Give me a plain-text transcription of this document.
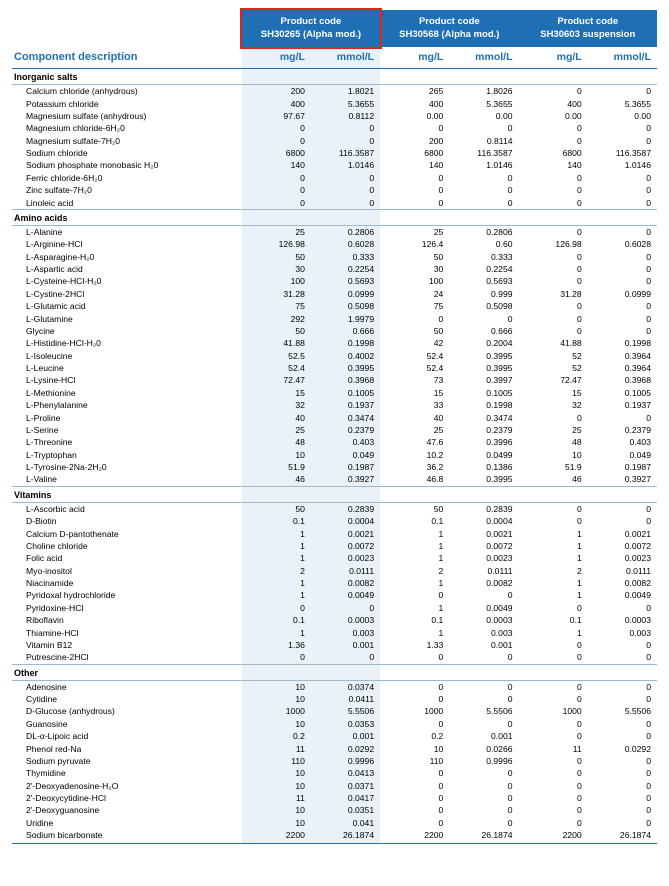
	Product code
SH30265 (Alpha mod.)		Product code
SH30568 (Alpha mod.)		Product code
SH30603 suspension	

Component description	mg/L	mmol/L	mg/L	mmol/L	mg/L	mmol/L
Inorganic salts						
Calcium chloride (anhydrous)	200	1.8021	265	1.8026	0	0
Potassium chloride	400	5.3655	400	5.3655	400	5.3655
Magnesium sulfate (anhydrous)	97.67	0.8112	0.00	0.00	0.00	0.00
Magnesium chloride-6H₂0	0	0	0	0	0	0
Magnesium sulfate-7H₂0	0	0	200	0.8114	0	0
Sodium chloride	6800	116.3587	6800	116.3587	6800	116.3587
Sodium phosphate monobasic H₂0	140	1.0146	140	1.0146	140	1.0146
Ferric chloride-6H₂0	0	0	0	0	0	0
Zinc sulfate-7H₂0	0	0	0	0	0	0
Linoleic acid	0	0	0	0	0	0
Amino acids						
L-Alanine	25	0.2806	25	0.2806	0	0
L-Arginine-HCl	126.98	0.6028	126.4	0.60	126.98	0.6028
L-Asparagine-H₂0	50	0.333	50	0.333	0	0
L-Aspartic acid	30	0.2254	30	0.2254	0	0
L-Cysteine-HCl-H₂0	100	0.5693	100	0.5693	0	0
L-Cystine-2HCl	31.28	0.0999	24	0.999	31.28	0.0999
L-Glutamic acid	75	0.5098	75	0.5098	0	0
L-Glutamine	292	1.9979	0	0	0	0
Glycine	50	0.666	50	0.666	0	0
L-Histidine-HCl-H₂0	41.88	0.1998	42	0.2004	41.88	0.1998
L-Isoleucine	52.5	0.4002	52.4	0.3995	52	0.3964
L-Leucine	52.4	0.3995	52.4	0.3995	52	0.3964
L-Lysine-HCl	72.47	0.3968	73	0.3997	72.47	0.3968
L-Methionine	15	0.1005	15	0.1005	15	0.1005
L-Phenylalanine	32	0.1937	33	0.1998	32	0.1937
L-Proline	40	0.3474	40	0.3474	0	0
L-Serine	25	0.2379	25	0.2379	25	0.2379
L-Threonine	48	0.403	47.6	0.3996	48	0.403
L-Tryptophan	10	0.049	10.2	0.0499	10	0.049
L-Tyrosine-2Na-2H₂0	51.9	0.1987	36.2	0.1386	51.9	0.1987
L-Valine	46	0.3927	46.8	0.3995	46	0.3927
Vitamins						
L-Ascorbic acid	50	0.2839	50	0.2839	0	0
D-Biotin	0.1	0.0004	0.1	0.0004	0	0
Calcium D-pantothenate	1	0.0021	1	0.0021	1	0.0021
Choline chloride	1	0.0072	1	0.0072	1	0.0072
Folic acid	1	0.0023	1	0.0023	1	0.0023
Myo-inositol	2	0.0111	2	0.0111	2	0.0111
Niacinamide	1	0.0082	1	0.0082	1	0.0082
Pyridoxal hydrochloride	1	0.0049	0	0	1	0.0049
Pyridoxine-HCl	0	0	1	0.0049	0	0
Riboflavin	0.1	0.0003	0.1	0.0003	0.1	0.0003
Thiamine-HCl	1	0.003	1	0.003	1	0.003
Vitamin B12	1.36	0.001	1.33	0.001	0	0
Putrescine-2HCl	0	0	0	0	0	0
Other						
Adenosine	10	0.0374	0	0	0	0
Cytidine	10	0.0411	0	0	0	0
D-Glucose (anhydrous)	1000	5.5506	1000	5.5506	1000	5.5506
Guanosine	10	0.0353	0	0	0	0
DL-α-Lipoic acid	0.2	0.001	0.2	0.001	0	0
Phenol red-Na	11	0.0292	10	0.0266	11	0.0292
Sodium pyruvate	110	0.9996	110	0.9996	0	0
Thymidine	10	0.0413	0	0	0	0
2'-Deoxyadenosine-H₂O	10	0.0371	0	0	0	0
2'-Deoxycytidine-HCl	11	0.0417	0	0	0	0
2'-Deoxyguanosine	10	0.0351	0	0	0	0
Uridine	10	0.041	0	0	0	0
Sodium bicarbonate	2200	26.1874	2200	26.1874	2200	26.1874
